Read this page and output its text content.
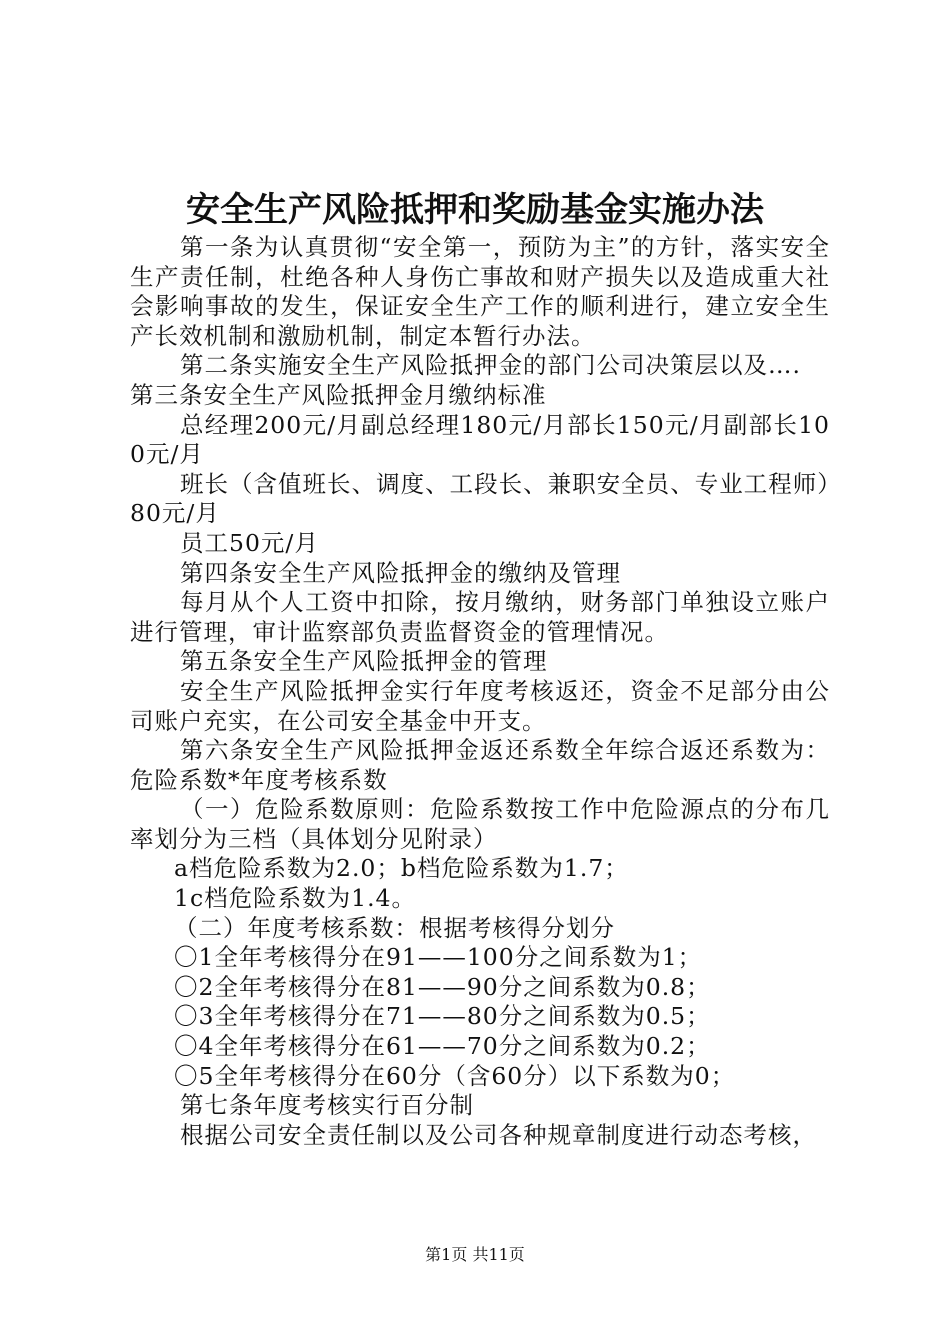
安全生产风险抵押和奖励基金实施办法

第一条为认真贯彻“安全第一，预防为主”的方针，落实安全生产责任制，杜绝各种人身伤亡事故和财产损失以及造成重大社会影响事故的发生，保证安全生产工作的顺利进行，建立安全生产长效机制和激励机制，制定本暂行办法。

第二条实施安全生产风险抵押金的部门公司决策层以及….

第三条安全生产风险抵押金月缴纳标准

总经理200元/月副总经理180元/月部长150元/月副部长100元/月

班长（含值班长、调度、工段长、兼职安全员、专业工程师）80元/月

员工50元/月

第四条安全生产风险抵押金的缴纳及管理

每月从个人工资中扣除，按月缴纳，财务部门单独设立账户进行管理，审计监察部负责监督资金的管理情况。

第五条安全生产风险抵押金的管理

安全生产风险抵押金实行年度考核返还，资金不足部分由公司账户充实，在公司安全基金中开支。

第六条安全生产风险抵押金返还系数全年综合返还系数为：危险系数*年度考核系数

（一）危险系数原则：危险系数按工作中危险源点的分布几率划分为三档（具体划分见附录）

a档危险系数为2.0；b档危险系数为1.7；

1c档危险系数为1.4。

（二）年度考核系数：根据考核得分划分

〇1全年考核得分在91——100分之间系数为1；

〇2全年考核得分在81——90分之间系数为0.8；

〇3全年考核得分在71——80分之间系数为0.5；

〇4全年考核得分在61——70分之间系数为0.2；

〇5全年考核得分在60分（含60分）以下系数为0；

第七条年度考核实行百分制

根据公司安全责任制以及公司各种规章制度进行动态考核，

第1页 共11页
